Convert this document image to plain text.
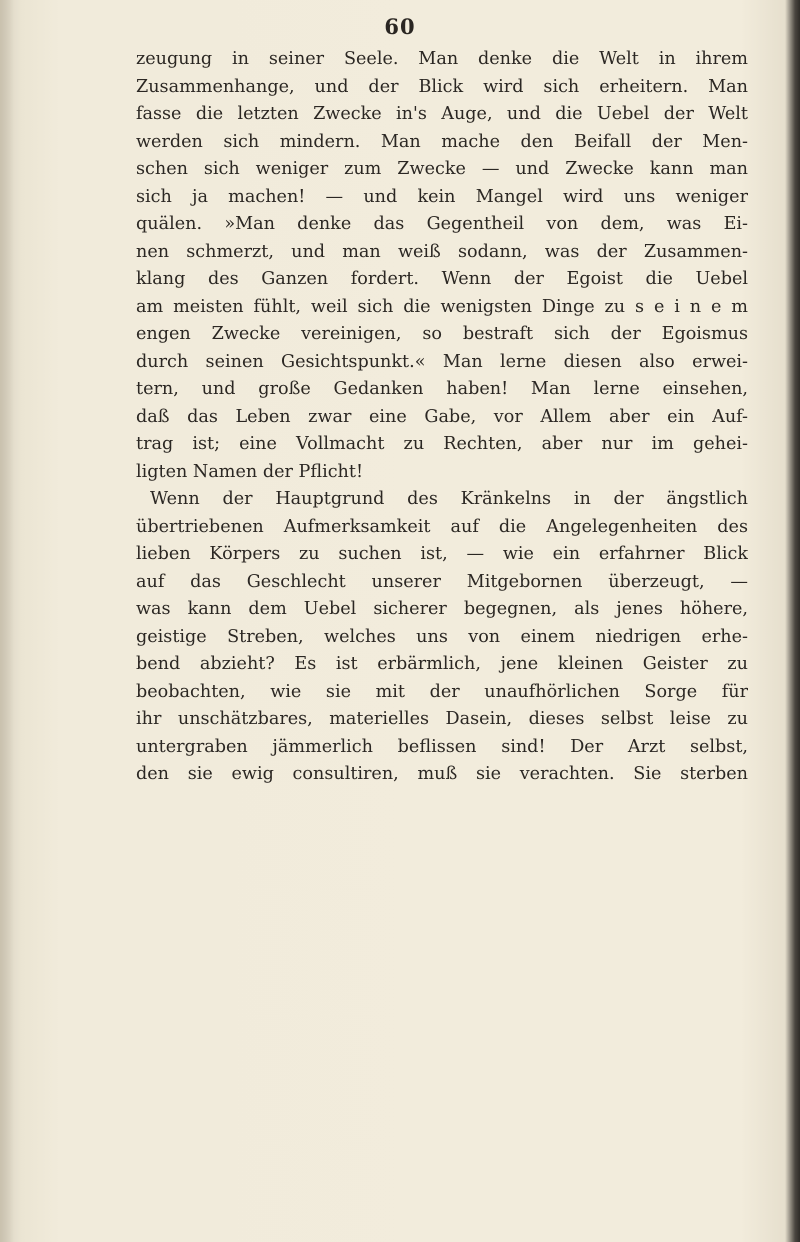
60
zeugung in seiner Seele. Man denke die Welt in ihrem
Zusammenhange, und der Blick wird sich erheitern. Man
fasse die letzten Zwecke in's Auge, und die Uebel der Welt
werden sich mindern. Man mache den Beifall der Men-
schen sich weniger zum Zwecke — und Zwecke kann man
sich ja machen! — und kein Mangel wird uns weniger
quälen. »Man denke das Gegentheil von dem, was Ei-
nen schmerzt, und man weiß sodann, was der Zusammen-
klang des Ganzen fordert. Wenn der Egoist die Uebel
am meisten fühlt, weil sich die wenigsten Dinge zu s e i n e m
engen Zwecke vereinigen, so bestraft sich der Egoismus
durch seinen Gesichtspunkt.« Man lerne diesen also erwei-
tern, und große Gedanken haben! Man lerne einsehen,
daß das Leben zwar eine Gabe, vor Allem aber ein Auf-
trag ist; eine Vollmacht zu Rechten, aber nur im gehei-
ligten Namen der Pflicht!
Wenn der Hauptgrund des Kränkelns in der ängstlich
übertriebenen Aufmerksamkeit auf die Angelegenheiten des
lieben Körpers zu suchen ist, — wie ein erfahrner Blick
auf das Geschlecht unserer Mitgebornen überzeugt, —
was kann dem Uebel sicherer begegnen, als jenes höhere,
geistige Streben, welches uns von einem niedrigen erhe-
bend abzieht? Es ist erbärmlich, jene kleinen Geister zu
beobachten, wie sie mit der unaufhörlichen Sorge für
ihr unschätzbares, materielles Dasein, dieses selbst leise zu
untergraben jämmerlich beflissen sind! Der Arzt selbst,
den sie ewig consultiren, muß sie verachten. Sie sterben
